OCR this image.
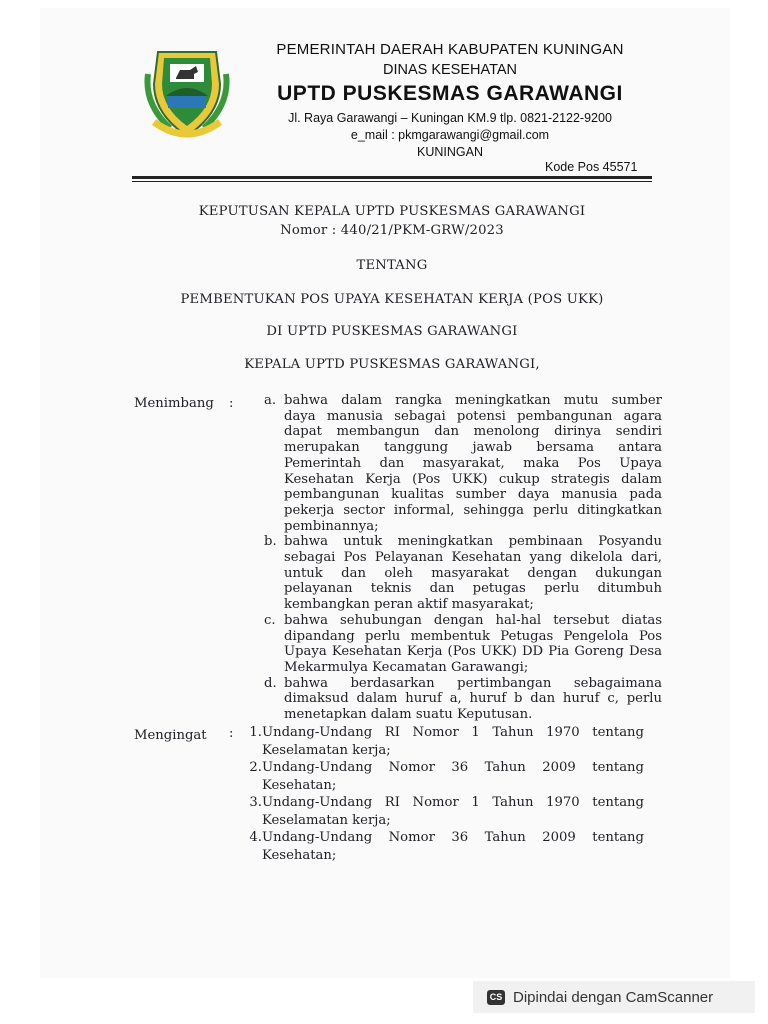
PEMERINTAH DAERAH KABUPATEN KUNINGAN
DINAS KESEHATAN
UPTD PUSKESMAS GARAWANGI
Jl. Raya Garawangi – Kuningan KM.9 tlp. 0821-2122-9200
e_mail : pkmgarawangi@gmail.com
KUNINGAN
Kode Pos 45571
KEPUTUSAN KEPALA UPTD PUSKESMAS GARAWANGI
Nomor : 440/21/PKM-GRW/2023
TENTANG
PEMBENTUKAN POS UPAYA KESEHATAN KERJA (POS UKK)
DI UPTD PUSKESMAS GARAWANGI
KEPALA UPTD PUSKESMAS GARAWANGI,
Menimbang : a. bahwa dalam rangka meningkatkan mutu sumber
daya manusia sebagai potensi pembangunan agara
dapat membangun dan menolong dirinya sendiri
merupakan tanggung jawab bersama antara
Pemerintah dan masyarakat, maka Pos Upaya
Kesehatan Kerja (Pos UKK) cukup strategis dalam
pembangunan kualitas sumber daya manusia pada
pekerja sector informal, sehingga perlu ditingkatkan
pembinannya;
b. bahwa untuk meningkatkan pembinaan Posyandu
sebagai Pos Pelayanan Kesehatan yang dikelola dari,
untuk dan oleh masyarakat dengan dukungan
pelayanan teknis dan petugas perlu ditumbuh
kembangkan peran aktif masyarakat;
c. bahwa sehubungan dengan hal-hal tersebut diatas
dipandang perlu membentuk Petugas Pengelola Pos
Upaya Kesehatan Kerja (Pos UKK) DD Pia Goreng Desa
Mekarmulya Kecamatan Garawangi;
d. bahwa berdasarkan pertimbangan sebagaimana
dimaksud dalam huruf a, huruf b dan huruf c, perlu
menetapkan dalam suatu Keputusan.
Mengingat :	1. Undang-Undang RI Nomor 1 Tahun 1970 tentang
Keselamatan kerja;
2. Undang-Undang Nomor 36 Tahun 2009 tentang
Kesehatan;
3. Undang-Undang RI Nomor 1 Tahun 1970 tentang
Keselamatan kerja;
4. Undang-Undang Nomor 36 Tahun 2009 tentang
Kesehatan;
CS Dipindai dengan CamScanner
